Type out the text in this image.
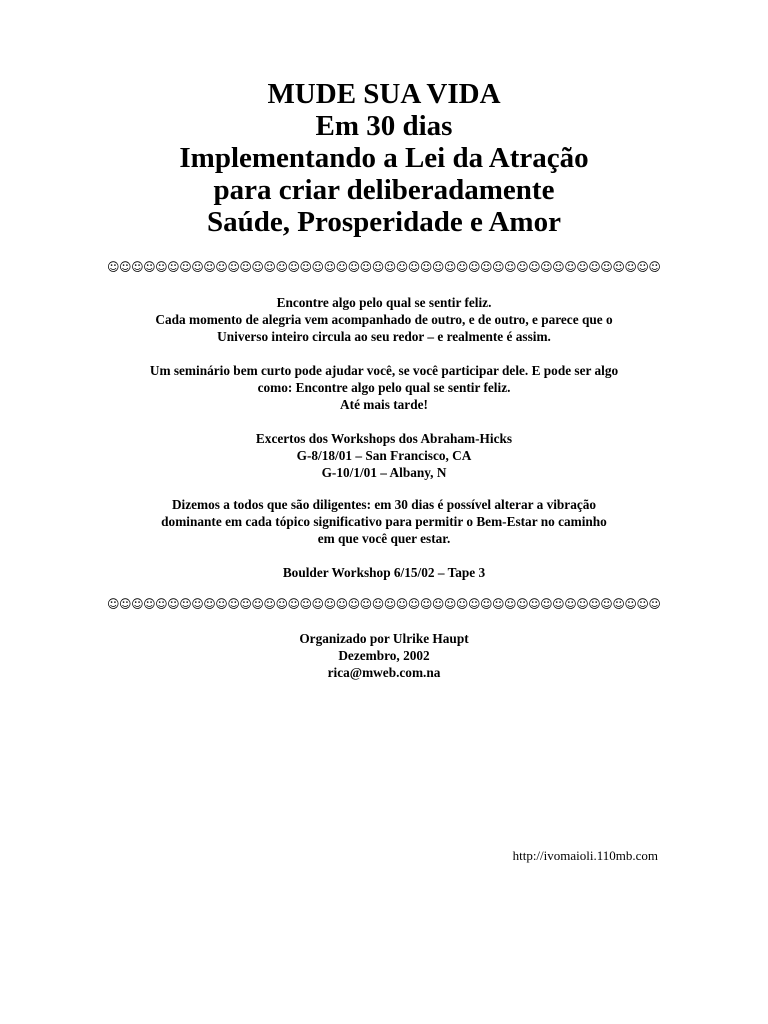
MUDE SUA VIDA
Em 30 dias
Implementando a Lei da Atração
para criar deliberadamente
Saúde, Prosperidade e Amor
☺ ☺ ☺ ☺ ☺ ☺ ☺ ☺ ☺ ☺ ☺ ☺ ☺ ☺ ☺ ☺ ☺ ☺ ☺ ☺ ☺ ☺ ☺ ☺ ☺ ☺ ☺ ☺ ☺ ☺ ☺ ☺ ☺ ☺ ☺ ☺ ☺ ☺ ☺ ☺ ☺ ☺ ☺ ☺ ☺ ☺
Encontre algo pelo qual se sentir feliz.
Cada momento de alegria vem acompanhado de outro, e de outro, e parece que o
Universo inteiro circula ao seu redor – e realmente é assim.
Um seminário bem curto pode ajudar você, se você participar dele. E pode ser algo
como: Encontre algo pelo qual se sentir feliz.
Até mais tarde!
Excertos dos Workshops dos Abraham-Hicks
G-8/18/01 – San Francisco, CA
G-10/1/01 – Albany, N
Dizemos a todos que são diligentes: em 30 dias é possível alterar a vibração
dominante em cada tópico significativo para permitir o Bem-Estar no caminho
em que você quer estar.
Boulder Workshop 6/15/02 – Tape 3
☺ ☺ ☺ ☺ ☺ ☺ ☺ ☺ ☺ ☺ ☺ ☺ ☺ ☺ ☺ ☺ ☺ ☺ ☺ ☺ ☺ ☺ ☺ ☺ ☺ ☺ ☺ ☺ ☺ ☺ ☺ ☺ ☺ ☺ ☺ ☺ ☺ ☺ ☺ ☺ ☺ ☺ ☺ ☺ ☺ ☺
Organizado por Ulrike Haupt
Dezembro, 2002
rica@mweb.com.na
http://ivomaioli.110mb.com
